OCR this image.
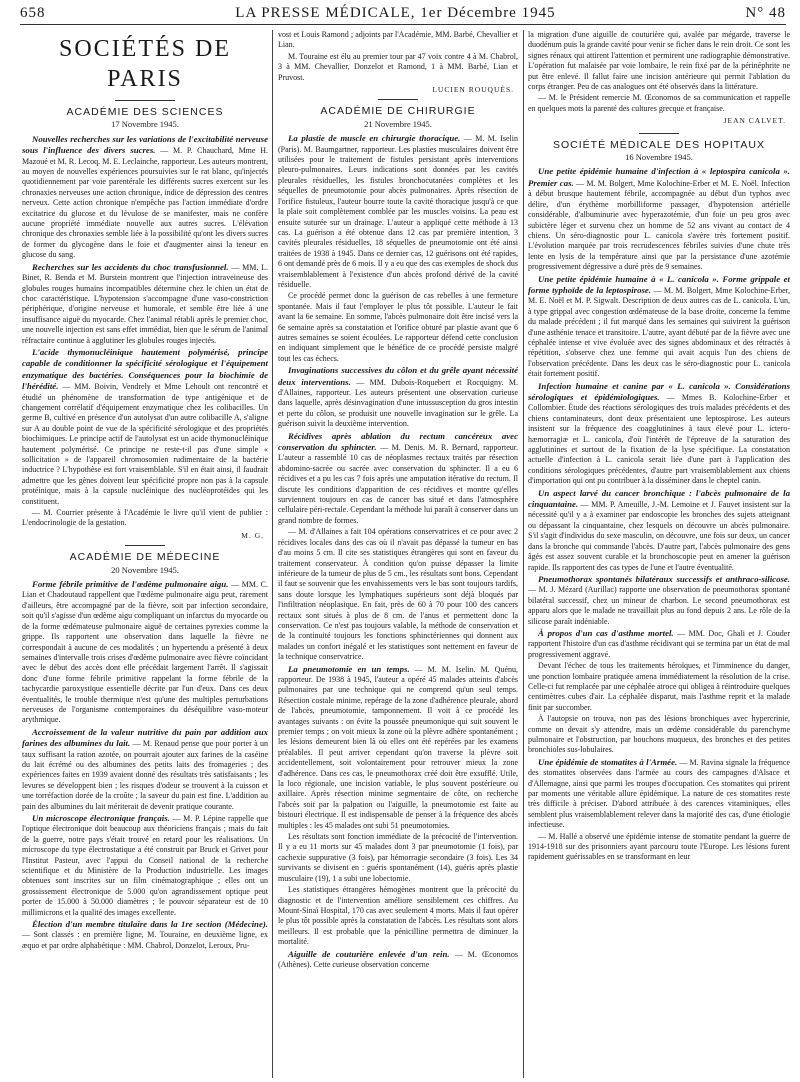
658	LA PRESSE MÉDICALE, 1er Décembre 1945	N° 48
SOCIÉTÉS DE PARIS
ACADÉMIE DES SCIENCES
17 Novembre 1945.

Nouvelles recherches sur les variations de l'excitabilité nerveuse sous l'influence des divers sucres. — M. P. Chauchard, Mme H. Mazoué et M. R. Lecoq. M. E. Leclainche, rapporteur. Les auteurs montrent, au moyen de nouvelles expériences poursuivies sur le rat blanc, qu'injectés quotidiennement par voie parentérale les différents sucres exercent sur les chronaxies nerveuses une action chronique, indice de dépression des centres nerveux. Cette action chronique n'empêche pas l'action immédiate d'ordre excitatrice du glucose et du lévulose de se manifester, mais ne confère aucune propriété immédiate nouvelle aux autres sucres. L'élévation chronique des chronaxies semble liée à la possibilité qu'ont les divers sucres de former du glycogène dans le foie et d'augmenter ainsi la teneur en glucose du sang.

Recherches sur les accidents du choc transfusionnel. — MM. L. Binet, R. Benda et M. Burstein montrent que l'injection intraveineuse des globules rouges humains incompatibles détermine chez le chien un état de choc caractéristique. L'hypotension s'accompagne d'une vaso-constriction périphérique, d'origine nerveuse et humorale, et semble être liée à une insuffisance aiguë du myocarde. Chez l'animal rétabli après le premier choc, une nouvelle injection est sans effet immédiat, bien que le sérum de l'animal réfractaire continue à agglutiner les globules rouges injectés.

L'acide thymonucléinique hautement polymérisé, principe capable de conditionner la spécificité sérologique et l'équipement enzymatique des bactéries. Conséquences pour la biochimie de l'hérédité. — MM. Boivin, Vendrely et Mme Lehoult ont rencontré et étudié un phénomène de transformation de type antigénique et de changement corrélatif d'équipement enzymatique chez les colibacilles. Un germe B, cultivé en présence d'un autolysat d'un autre colibacille A, s'aligne sur A au double point de vue de la spécificité sérologique et des propriétés biochimiques. Le principe actif de l'autolysat est un acide thymonucléinique hautement polymérisé. Ce principe ne reste-t-il pas d'une simple « sollicitation » de l'appareil chromosomien rudimentaire de la bactérie inductrice ? L'hypothèse est fort vraisemblable. S'il en était ainsi, il faudrait admettre que les gènes doivent leur spécificité propre non pas à la capsule protéinique, mais à la capsule nucléinique des nucléoprotéides qui les constituent.

— M. Courrier présente à l'Académie le livre qu'il vient de publier : L'endocrinologie de la gestation.

M. G.
ACADÉMIE DE MÉDECINE
20 Novembre 1945.

Forme fébrile primitive de l'œdème pulmonaire aigu. — MM. C. Lian et Chadoutaud rappellent que l'œdème pulmonaire aigu peut, rarement d'ailleurs, être accompagné par de la fièvre, soit par infection secondaire, soit qu'il s'agisse d'un œdème aigu compliquant un infarctus du myocarde ou de la forme œdémateuse pulmonaire aiguë de certaines pyrexies comme la grippe. Ils rapportent une observation dans laquelle la fièvre ne correspondait à aucune de ces modalités ; un hypertendu a présenté à deux semaines d'intervalle trois crises d'œdème pulmonaire avec fièvre coïncidant avec le début des accès dont elle précédait largement l'arrêt. Il s'agissait donc d'une forme fébrile primitive rappelant la forme fébrile de la tachycardie paroxystique essentielle décrite par l'un d'eux. Dans ces deux éventualités, le trouble thermique n'est qu'une des multiples perturbations nerveuses de l'organisme contemporaines du déséquilibre vaso-moteur arythmique.

Accroissement de la valeur nutritive du pain par addition aux farines des albumines du lait. — M. Renaud pense que pour porter à un taux suffisant la ration azotée, on pourrait ajouter aux farines de la caséine du lait écrémé ou des albumines des petits laits des fromageries ; des expériences faites en 1939 avaient donné des résultats très satisfaisants ; les levures se développent bien ; les risques d'odeur se trouvent à la cuisson et une torréfaction dorée de la croûte ; la saveur du pain est fine. L'addition au pain des albumines du lait mériterait de devenir pratique courante.

Un microscope électronique français. — M. P. Lépine rappelle que l'optique électronique doit beaucoup aux théoriciens français ; mais du fait de la guerre, notre pays s'était trouvé en retard pour les réalisations. Un microscope du type électrostatique a été construit par Bruck et Grivet pour l'Institut Pasteur, avec l'appui du Conseil national de la recherche scientifique et du Ministère de la Production industrielle. Les images obtenues sont inscrites sur un film cinématographique ; elles ont un grossissement électronique de 5.000 qu'on agrandissement optique peut porter de 15.000 à 50.000 diamètres ; le pouvoir séparateur est de 10 millimicrons et la qualité des images excellente.

Élection d'un membre titulaire dans la 1re section (Médecine). — Sont classés : en première ligne, M. Touraine, en deuxième ligne, ex æquo et par ordre alphabétique : MM. Chabrol, Donzelot, Leroux, Pru-

vost et Louis Ramond ; adjoints par l'Académie, MM. Barbé, Chevallier et Lian.

M. Touraine est élu au premier tour par 47 voix contre 4 à M. Chabrol, 3 à MM. Chevallier, Donzelot et Ramond, 1 à MM. Barbé, Lian et Pruvost.

LUCIEN ROUQUÈS.
ACADÉMIE DE CHIRURGIE
21 Novembre 1945.

La plastie de muscle en chirurgie thoracique. — M. M. Iselin (Paris). M. Baumgartner, rapporteur. Les plasties musculaires doivent être utilisées pour le traitement de fistules persistant après interventions pleuro-pulmonaires. Leurs indications sont données par les cavités pleurales résiduelles, les fistules bronchocutanées complètes et les séquelles de pneumotomie pour abcès pulmonaires. Après résection de l'orifice fistuleux, l'auteur bourre toute la cavité thoracique jusqu'à ce que la plaie soit complètement comblée par les muscles voisins. La peau est ensuite suturée sur un drainage. L'auteur a appliqué cette méthode à 13 cas. La guérison a été obtenue dans 12 cas par première intention, 3 cavités pleurales résiduelles, 18 séquelles de pneumotomie ont été ainsi traitées de 1938 à 1945. Dans ce dernier cas, 12 guérisons ont été rapides, 6 ont demandé près de 6 mois. Il y a eu que des cas exemples de shock dus vraisemblablement à l'existence d'un abcès profond dérivé de la cavité résiduelle.

Ce procédé permet donc la guérison de cas rebelles à une fermeture spontanée. Mais il faut l'employer le plus tôt possible. L'auteur le fait avant la 6e semaine. En somme, l'abcès pulmonaire doit être incisé vers la 6e semaine après sa constatation et l'orifice obturé par plastie avant que 6 autres semaines se soient écoulées. Le rapporteur défend cette conclusion en indiquant simplement que le bénéfice de ce procédé persiste malgré tout les cas échecs.

Invaginations successives du côlon et du grêle ayant nécessité deux interventions. — MM. Dubois-Roquebert et Rocquigny. M. d'Allaines, rapporteur. Les auteurs présentent une observation curieuse dans laquelle, après désinvagination d'une intussusception du gros intestin et perte du côlon, se produisit une nouvelle invagination sur le grêle. La guérison suivit la deuxième intervention.

Récidives après ablation du rectum cancéreux avec conservation du sphincter. — M. Denis. M. R. Bernard, rapporteur. L'auteur a rassemblé 10 cas de néoplasmes rectaux traités par résection abdomino-sacrée ou sacrée avec conservation du sphincter. Il a eu 6 récidives et a pu les cas 7 fois après une amputation itérative du rectum. Il discute les conditions d'apparition de ces récidives et montre qu'elles surviennent toujours en cas de cancer bas situé et dans l'atmosphère cellulaire péri-rectale. Cependant la méthode lui paraît à conserver dans un grand nombre de formes.

— M. d'Allaines a fait 104 opérations conservatrices et ce pour avec 2 récidives locales dans des cas où il n'avait pas dépassé la tumeur en bas d'au moins 5 cm. Il cite ses statistiques étrangères qui sont en faveur du traitement conservateur. À condition qu'on puisse dépasser la limite inférieure de la tumeur de plus de 5 cm., les résultats sont bons. Cependant il faut se souvenir que les envahissements vers le bas sont toujours tardifs, sans doute lorsque les lymphatiques supérieurs sont déjà bloqués par l'infiltration néoplasique. En fait, près de 60 à 70 pour 100 des cancers rectaux sont situés à plus de 8 cm. de l'anus et permettent donc la conservation. Ce n'est pas toujours valable, la méthode de conservation et de la continuité toujours les fonctions sphinctériennes qui donnent aux malades un confort inégalé et les statistiques sont nettement en faveur de la technique conservatrice.

La pneumotomie en un temps. — M. M. Iselin. M. Quénu, rapporteur. De 1938 à 1945, l'auteur a opéré 45 malades atteints d'abcès pulmonaires par une technique qui ne comprend qu'un seul temps. Résection costale minime, repérage de la zone d'adhérence pleurale, abord de l'abcès, pneumotomie, tamponnement. Il voit à ce procédé les avantages suivants : on évite la poussée pneumonique qui suit souvent le premier temps ; on voit mieux la zone où la plèvre adhère spontanément ; les lésions demeurent bien là où elles ont été repérées par les examens préalables. Il peut arriver cependant qu'on traverse la plèvre soit accidentellement, soit volontairement pour retrouver mieux la zone d'adhérence. Dans ces cas, le pneumothorax créé doit être exsufflé. Utile, la loco régionale, une incision variable, le plus souvent postérieure ou axillaire. Après résection minime segmentaire de côte, on recherche l'abcès soit par la palpation ou l'aiguille, la pneumotomie est faite au bistouri électrique. Il est indispensable de penser à la fréquence des abcès multiples : les 45 malades ont subi 51 pneumotomies.

Les résultats sont fonction immédiate de la précocité de l'intervention. Il y a eu 11 morts sur 45 malades dont 3 par pneumotomie (1 fois), par cachexie suppurative (3 fois), par hémorragie secondaire (3 fois). Les 34 survivants se divisent en : guéris spontanément (14), guéris après plastie musculaire (19), 1 a subi une lobectomie.

Les statistiques étrangères hémogènes montrent que la précocité du diagnostic et de l'intervention améliore sensiblement ces chiffres. Au Mount-Sinaï Hospital, 170 cas avec seulement 4 morts. Mais il faut opérer le plus tôt possible après la constatation de l'abcès. Les résultats sont alors meilleurs. Il est probable que la pénicilline permettra de diminuer la mortalité.

Aiguille de couturière enlevée d'un rein. — M. Œconomos (Athènes). Cette curieuse observation concerne

la migration d'une aiguille de couturière qui, avalée par mégarde, traverse le duodénum puis la grande cavité pour venir se ficher dans le rein droit. Ce sont les signes rénaux qui attirent l'attention et permirent une radiographie démonstrative. L'opération fut malaisée par voie lombaire, le rein fixé par de la périnéphrite ne put être enlevé. Il fallut faire une incision antérieure qui permit l'ablation du corps étranger. Peu de cas analogues ont été observés dans la littérature.

— M. le Président remercie M. Œconomos de sa communication et rappelle en quelques mots la parenté des cultures grecque et française.

JEAN CALVET.
SOCIÉTÉ MÉDICALE DES HOPITAUX
16 Novembre 1945.

Une petite épidémie humaine d'infection à « leptospira canicola ». Premier cas. — M. M. Bolgert, Mme Kolochine-Erber et M. E. Noël. Infection à début brusque hautement fébrile, accompagnée au début d'un typhos avec délire, d'un érythème morbilliforme passager, d'hypotension artérielle considérable, d'albuminurie avec hyperazotémie, d'un foie un peu gros avec subictère léger et survenu chez un homme de 52 ans vivant au contact de 4 chiens. Un séro-diagnostic pour L. canicola s'avère très fortement positif. L'évolution marquée par trois recrudescences fébriles suivies d'une chute très lente en lysis de la température ainsi que par la persistance d'une azotémie progressivement dégressive a duré près de 9 semaines.

Une petite épidémie humaine à « L. canicola ». Forme grippale et forme typhoïde de la leptospirose. — M. M. Bolgert, Mme Kolochine-Erber, M. E. Noël et M. P. Sigwalt. Description de deux autres cas de L. canicola. L'un, à type grippal avec congestion œdémateuse de la base droite, concerne la femme du malade précédent ; il fut marqué dans les semaines qui suivirent la guérison d'une asthénie tenace et transitoire. L'autre, ayant débuté par de la fièvre avec une céphalée intense et vive évoluée avec des signes abdominaux et des rétractés à répétition, s'observe chez une femme qui avait acquis l'un des chiens de l'observation précédente. Dans les deux cas le séro-diagnostic pour L. canicola était fortement positif.

Infection humaine et canine par « L. canicola ». Considérations sérologiques et épidémiologiques. — Mmes B. Kolochine-Erber et Collombier. Étude des réactions sérologiques des trois malades précédents et des chiens contaminateurs, dont deux présentaient une leptospirose. Les auteurs insistent sur la fréquence des coagglutinines à taux élevé pour L. ictero-hæmorragiæ et L. canicola, d'où l'intérêt de l'épreuve de la saturation des agglutinines et surtout de la fixation de la lyse spécifique. La constatation actuelle d'infection à L. canicola serait liée d'une part à l'application des conditions sérologiques précédentes, d'autre part vraisemblablement aux chiens d'importation qui ont pu contribuer à la disséminer dans le cheptel canin.

Un aspect larvé du cancer bronchique : l'abcès pulmonaire de la cinquantaine. — MM. P. Ameuille, J.-M. Lemoine et J. Fauvet insistent sur la nécessité qu'il y a à examiner par endoscopie les bronches des sujets atteignant ou dépassant la cinquantaine, chez lesquels on découvre un abcès pulmonaire. S'il s'agit d'individus du sexe masculin, on découvre, une fois sur deux, un cancer dans la bronche qui commande l'abcès. D'autre part, l'abcès pulmonaire des gens âgés est assez souvent curable et la bronchoscopie peut en amener la guérison rapide. Ils rapportent des cas types de l'une et l'autre éventualité.

Pneumothorax spontanés bilatéraux successifs et anthraco-silicose. — M. J. Mézard (Aurillac) rapporte une observation de pneumothorax spontané bilatéral successif, chez un mineur de charbon. Le second pneumothorax est apparu alors que le malade ne travaillait plus au fond depuis 2 ans. Le rôle de la silicose paraît indéniable.

À propos d'un cas d'asthme mortel. — MM. Doc, Ghali et J. Couder rapportent l'histoire d'un cas d'asthme récidivant qui se termina par un état de mal progressivement aggravé.

Devant l'échec de tous les traitements héroïques, et l'imminence du danger, une ponction lombaire pratiquée amena immédiatement la résolution de la crise. Celle-ci fut remplacée par une céphalée atroce qui obligea à réintroduire quelques centimètres cubes d'air. La céphalée disparut, mais l'asthme reprit et la malade finit par succomber.

À l'autopsie on trouva, non pas des lésions bronchiques avec hypercrinie, comme on devait s'y attendre, mais un œdème considérable du parenchyme pulmonaire et l'obstruction, par bouchons muqueux, des bronches et des petites bronchioles sus-lobulaires.

Une épidémie de stomatites à l'Armée. — M. Ravina signale la fréquence des stomatites observées dans l'armée au cours des campagnes d'Alsace et d'Allemagne, ainsi que parmi les troupes d'occupation. Ces stomatites qui prirent par moments une véritable allure épidémique. La nature de ces stomatites reste très difficile à préciser. D'abord attribuée à des carences vitaminiques, elles semblent plus vraisemblablement relever dans la majorité des cas, d'une étiologie infectieuse.

— M. Hallé a observé une épidémie intense de stomatite pendant la guerre de 1914-1918 sur des prisonniers ayant parcouru toute l'Europe. Les lésions furent rapidement guérissables en se transformant en leur
